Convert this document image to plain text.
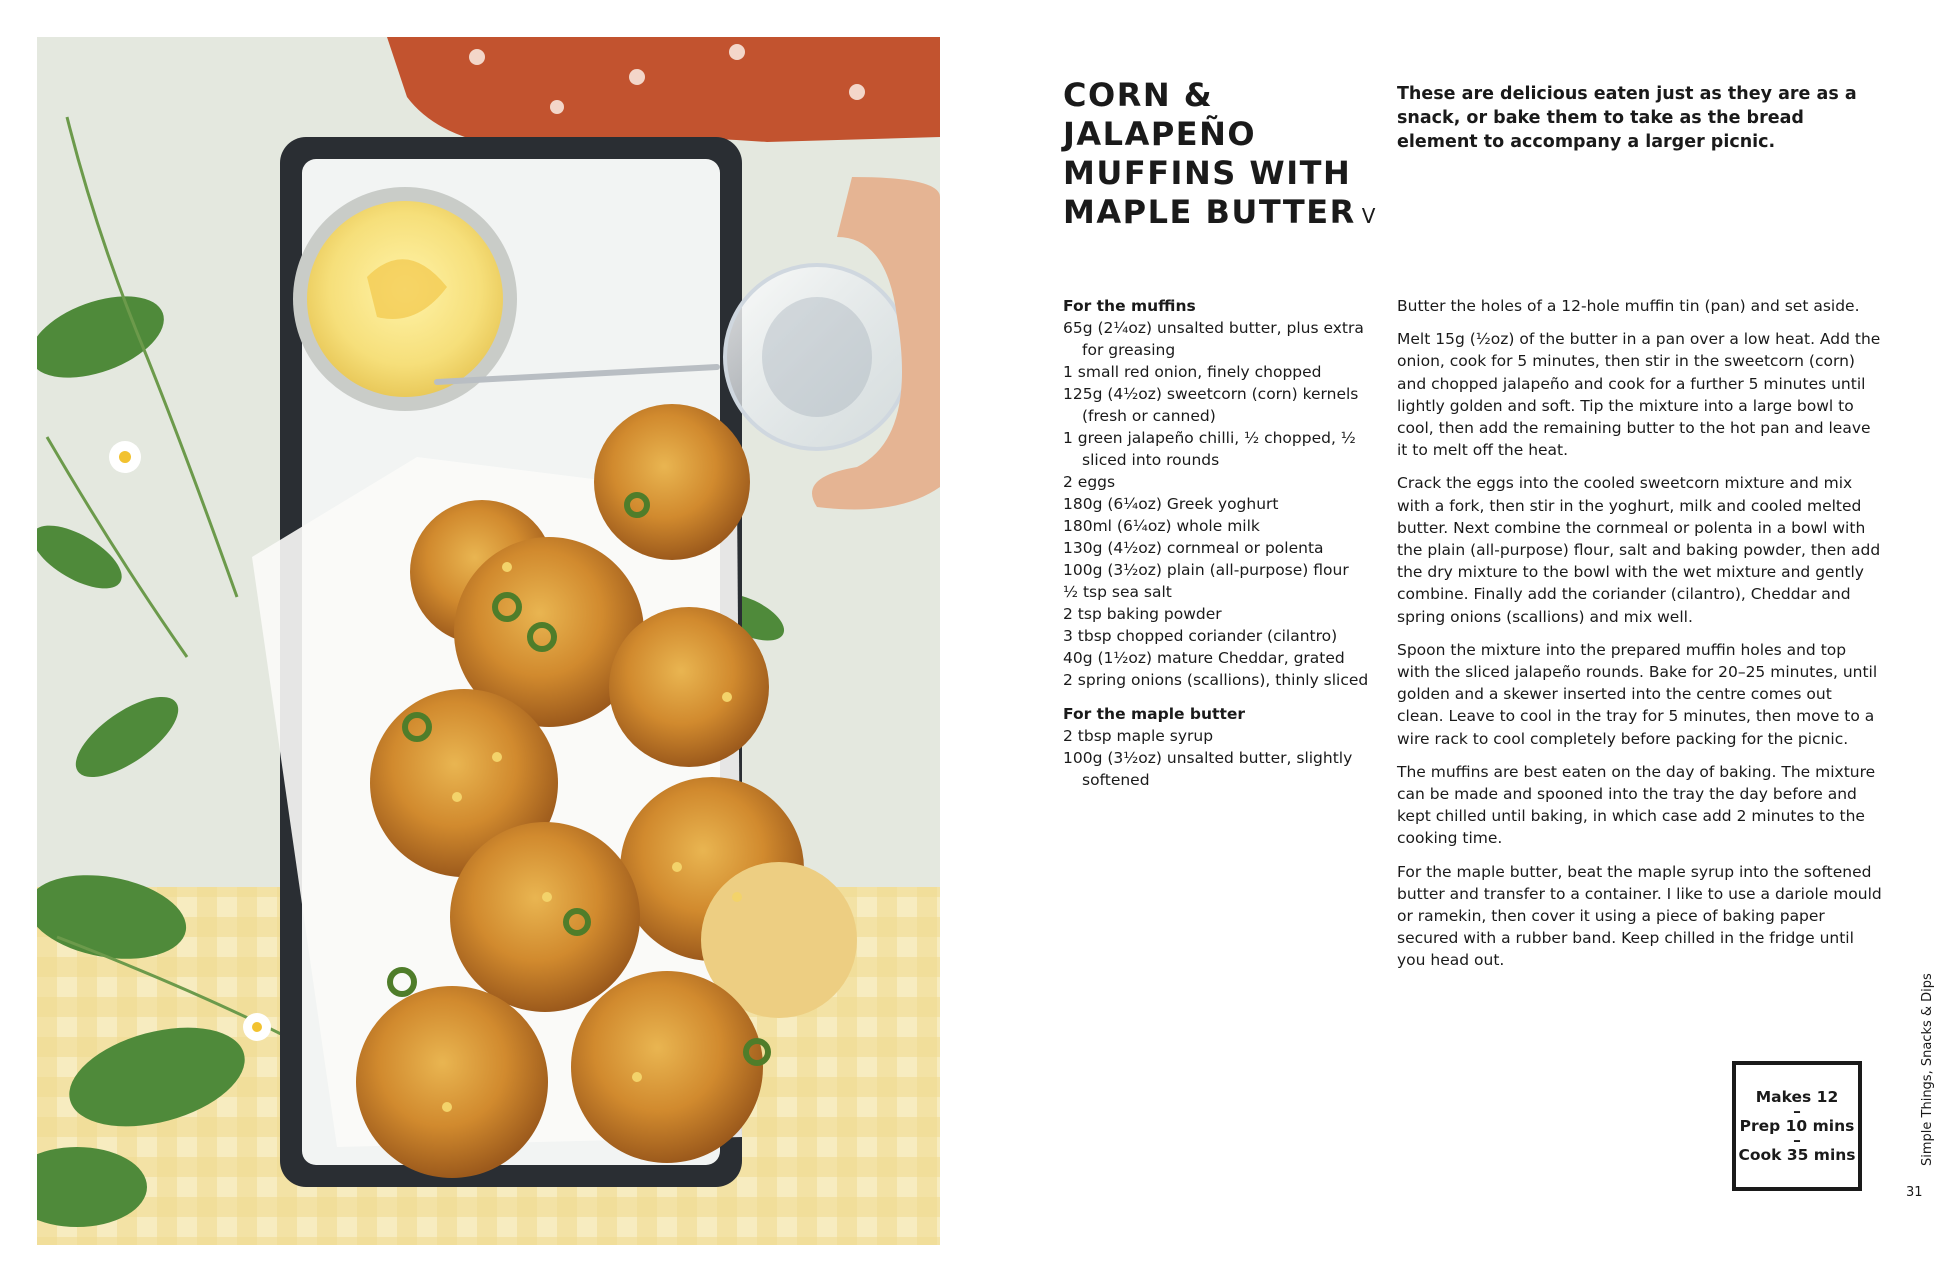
CORN & JALAPEÑO MUFFINS WITH MAPLE BUTTER V

These are delicious eaten just as they are as a snack, or bake them to take as the bread element to accompany a larger picnic.

For the muffins
65g (2¼oz) unsalted butter, plus extra for greasing
1 small red onion, finely chopped
125g (4½oz) sweetcorn (corn) kernels (fresh or canned)
1 green jalapeño chilli, ½ chopped, ½ sliced into rounds
2 eggs
180g (6¼oz) Greek yoghurt
180ml (6¼oz) whole milk
130g (4½oz) cornmeal or polenta
100g (3½oz) plain (all-purpose) flour
½ tsp sea salt
2 tsp baking powder
3 tbsp chopped coriander (cilantro)
40g (1½oz) mature Cheddar, grated
2 spring onions (scallions), thinly sliced
For the maple butter
2 tbsp maple syrup
100g (3½oz) unsalted butter, slightly softened

Butter the holes of a 12-hole muffin tin (pan) and set aside.

Melt 15g (½oz) of the butter in a pan over a low heat. Add the onion, cook for 5 minutes, then stir in the sweetcorn (corn) and chopped jalapeño and cook for a further 5 minutes until lightly golden and soft. Tip the mixture into a large bowl to cool, then add the remaining butter to the hot pan and leave it to melt off the heat.

Crack the eggs into the cooled sweetcorn mixture and mix with a fork, then stir in the yoghurt, milk and cooled melted butter. Next combine the cornmeal or polenta in a bowl with the plain (all-purpose) flour, salt and baking powder, then add the dry mixture to the bowl with the wet mixture and gently combine. Finally add the coriander (cilantro), Cheddar and spring onions (scallions) and mix well.

Spoon the mixture into the prepared muffin holes and top with the sliced jalapeño rounds. Bake for 20–25 minutes, until golden and a skewer inserted into the centre comes out clean. Leave to cool in the tray for 5 minutes, then move to a wire rack to cool completely before packing for the picnic.

The muffins are best eaten on the day of baking. The mixture can be made and spooned into the tray the day before and kept chilled until baking, in which case add 2 minutes to the cooking time.

For the maple butter, beat the maple syrup into the softened butter and transfer to a container. I like to use a dariole mould or ramekin, then cover it using a piece of baking paper secured with a rubber band. Keep chilled in the fridge until you head out.

Makes 12
–
Prep 10 mins
–
Cook 35 mins	Simple Things, Snacks & Dips
31
